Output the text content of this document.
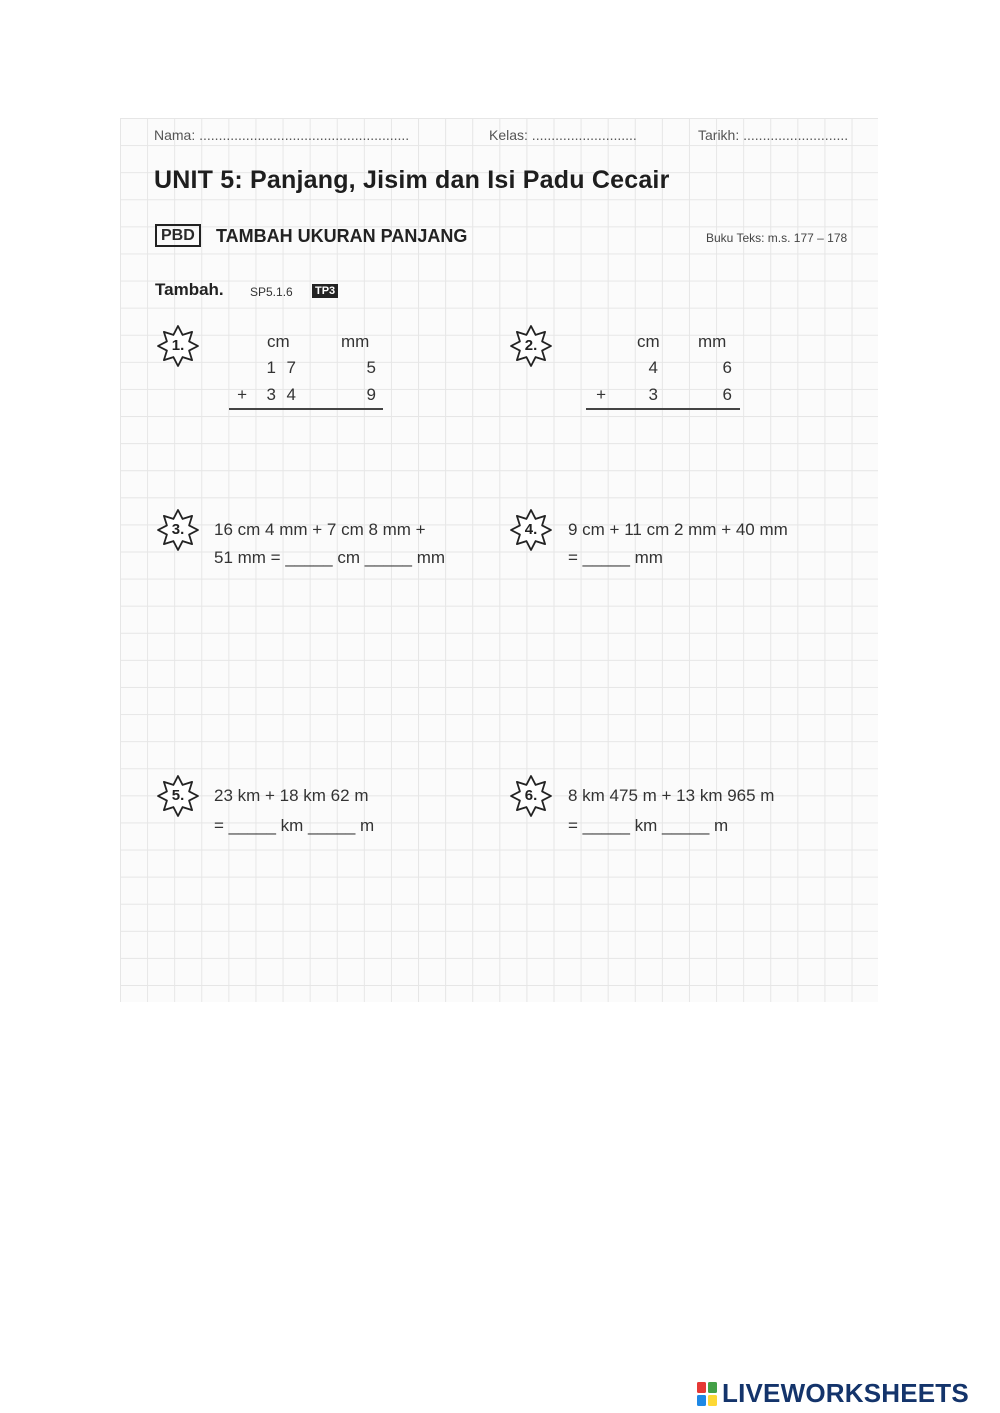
Nama: ......................................................	Kelas: ...........................	Tarikh: ...........................
UNIT 5: Panjang, Jisim dan Isi Padu Cecair
PBD	TAMBAH UKURAN PANJANG	Buku Teks: m.s. 177 – 178
Tambah. SP5.1.6 TP3
1.	cm	mm
1 7	5
+ 3 4	9
2.	cm mm
4	6
+	3	6
3.	16 cm 4 mm + 7 cm 8 mm +
51 mm = _____ cm _____ mm
4.	9 cm + 11 cm 2 mm + 40 mm
= _____ mm
5.	23 km + 18 km 62 m
= _____ km _____ m
6.	8 km 475 m + 13 km 965 m
= _____ km _____ m
LIVEWORKSHEETS
